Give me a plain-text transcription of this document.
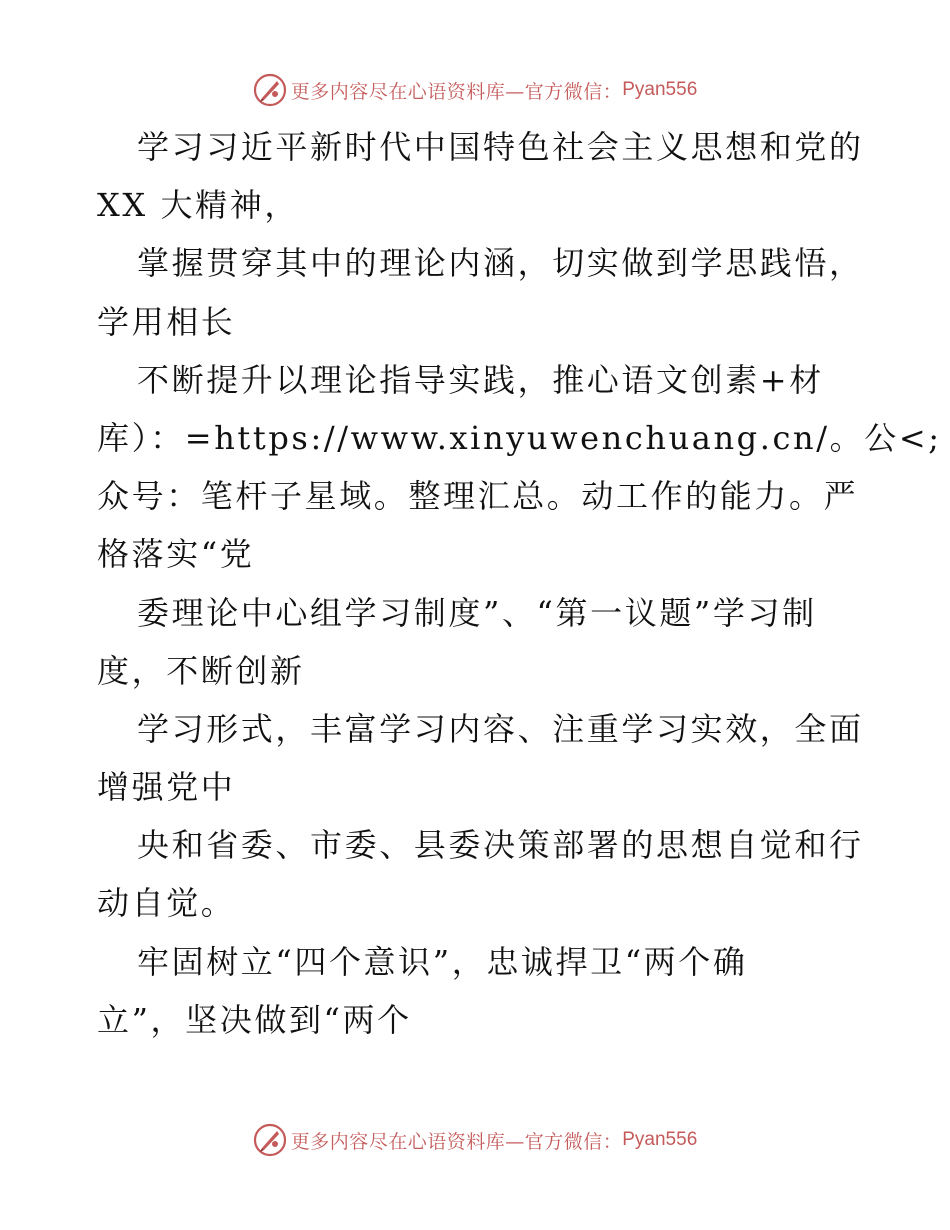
更多内容尽在心语资料库—官方微信： Pyan556
学习习近平新时代中国特色社会主义思想和党的
XX 大精神，
掌握贯穿其中的理论内涵，切实做到学思践悟，
学用相长
不断提升以理论指导实践，推心语文创素+材
库）：=https://www.xinyuwenchuang.cn/。公<;
众号：笔杆子星域。整理汇总。动工作的能力。严
格落实“党
委理论中心组学习制度”、“第一议题”学习制
度，不断创新
学习形式，丰富学习内容、注重学习实效，全面
增强党中
央和省委、市委、县委决策部署的思想自觉和行
动自觉。
牢固树立“四个意识”，忠诚捍卫“两个确
立”，坚决做到“两个
更多内容尽在心语资料库—官方微信： Pyan556
